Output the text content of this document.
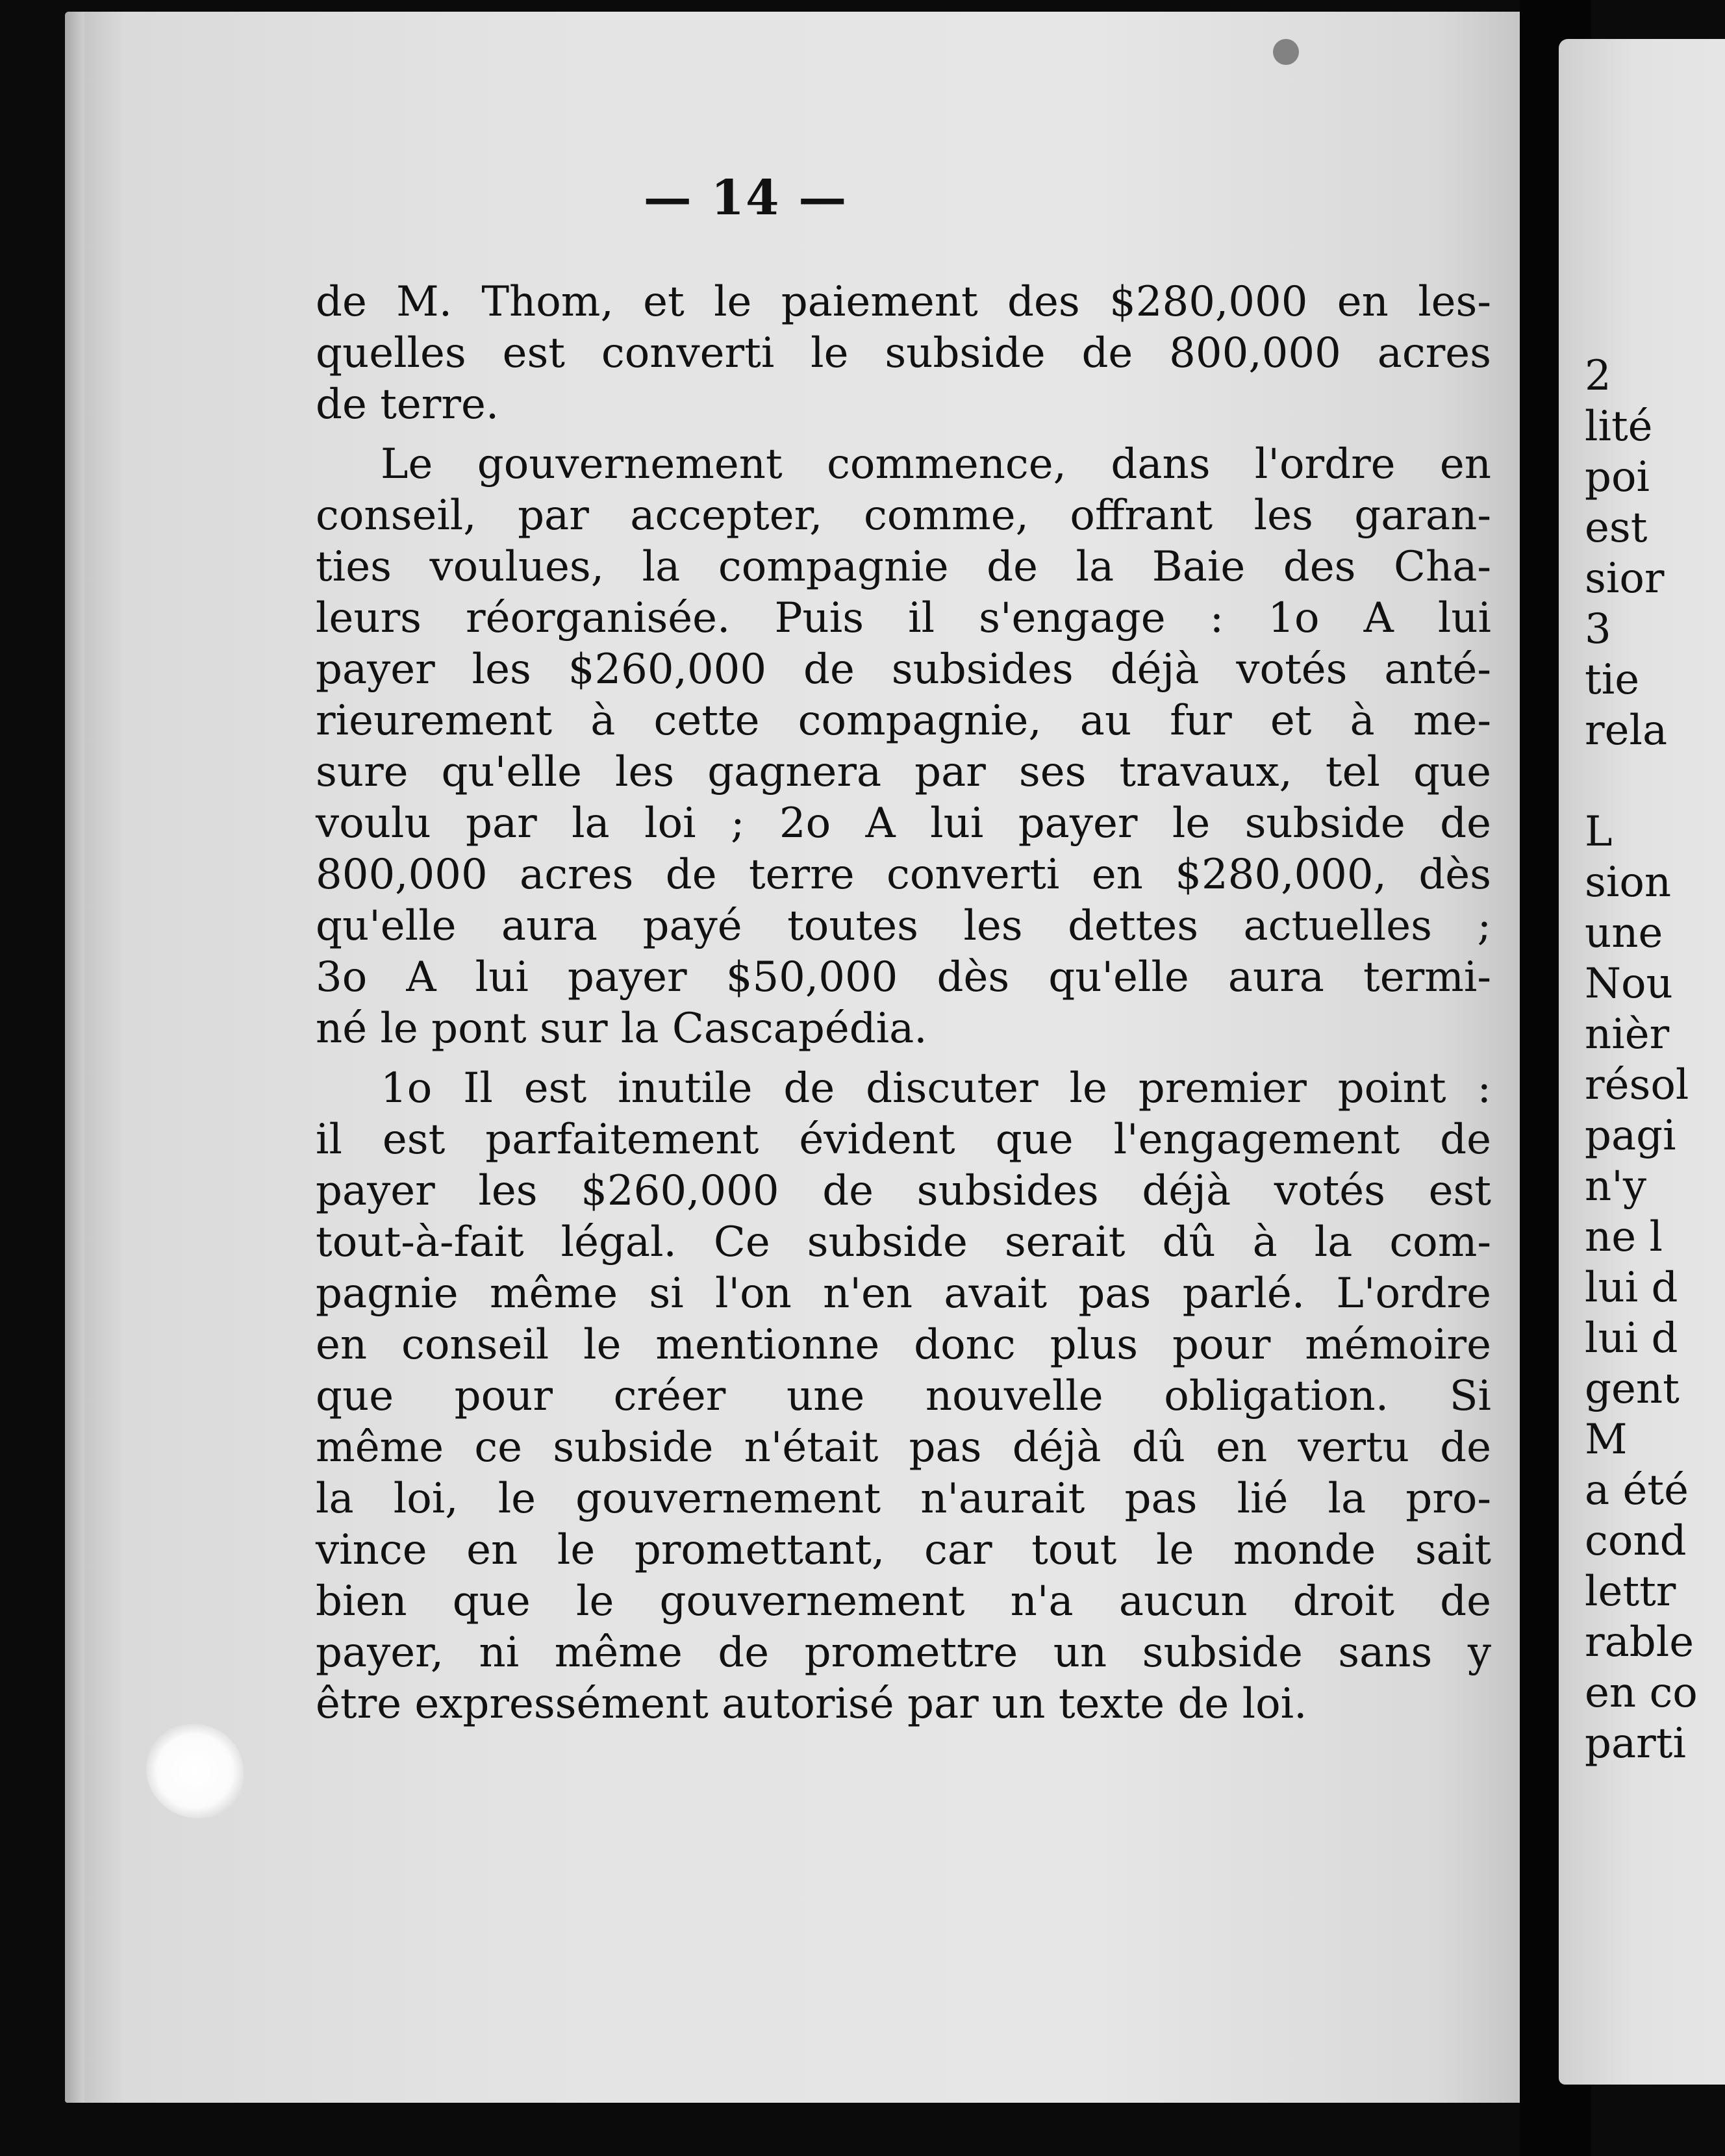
2
lité
poi
est
sior
3
tie
rela
L
sion
une
Nou
nièr
résol
pagi
n'y
ne l
lui d
lui d
gent
M
a été
cond
lettr
rable
en co
parti
— 14 —
de M. Thom, et le paiement des $280,000 en les-
quelles est converti le subside de 800,000 acres
de terre.
Le gouvernement commence, dans l'ordre en
conseil, par accepter, comme, offrant les garan-
ties voulues, la compagnie de la Baie des Cha-
leurs réorganisée. Puis il s'engage : 1o A lui
payer les $260,000 de subsides déjà votés anté-
rieurement à cette compagnie, au fur et à me-
sure qu'elle les gagnera par ses travaux, tel que
voulu par la loi ; 2o A lui payer le subside de
800,000 acres de terre converti en $280,000, dès
qu'elle aura payé toutes les dettes actuelles ;
3o A lui payer $50,000 dès qu'elle aura termi-
né le pont sur la Cascapédia.
1o Il est inutile de discuter le premier point :
il est parfaitement évident que l'engagement de
payer les $260,000 de subsides déjà votés est
tout-à-fait légal. Ce subside serait dû à la com-
pagnie même si l'on n'en avait pas parlé. L'ordre
en conseil le mentionne donc plus pour mémoire
que pour créer une nouvelle obligation. Si
même ce subside n'était pas déjà dû en vertu de
la loi, le gouvernement n'aurait pas lié la pro-
vince en le promettant, car tout le monde sait
bien que le gouvernement n'a aucun droit de
payer, ni même de promettre un subside sans y
être expressément autorisé par un texte de loi.
